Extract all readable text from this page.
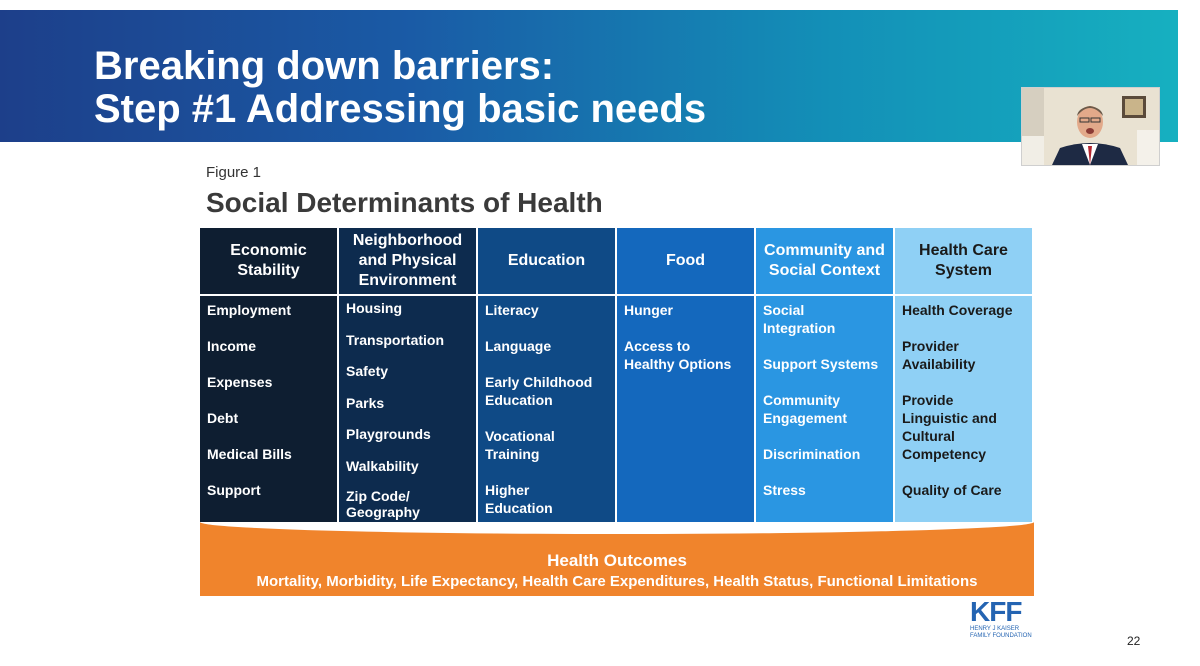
Breaking down barriers:
Step #1 Addressing basic needs
Figure 1
Social Determinants of Health
Economic Stability
Employment
Income
Expenses
Debt
Medical Bills
Support
Neighborhood and Physical Environment
Housing
Transportation
Safety
Parks
Playgrounds
Walkability
Zip Code/ Geography
Education
Literacy
Language
Early Childhood Education
Vocational Training
Higher Education
Food
Hunger
Access to Healthy Options
Community and Social Context
Social Integration
Support Systems
Community Engagement
Discrimination
Stress
Health Care System
Health Coverage
Provider Availability
Provide Linguistic and Cultural Competency
Quality of Care
Health Outcomes
Mortality, Morbidity, Life Expectancy, Health Care Expenditures, Health Status, Functional Limitations
KFF
HENRY J KAISER
FAMILY FOUNDATION	22
